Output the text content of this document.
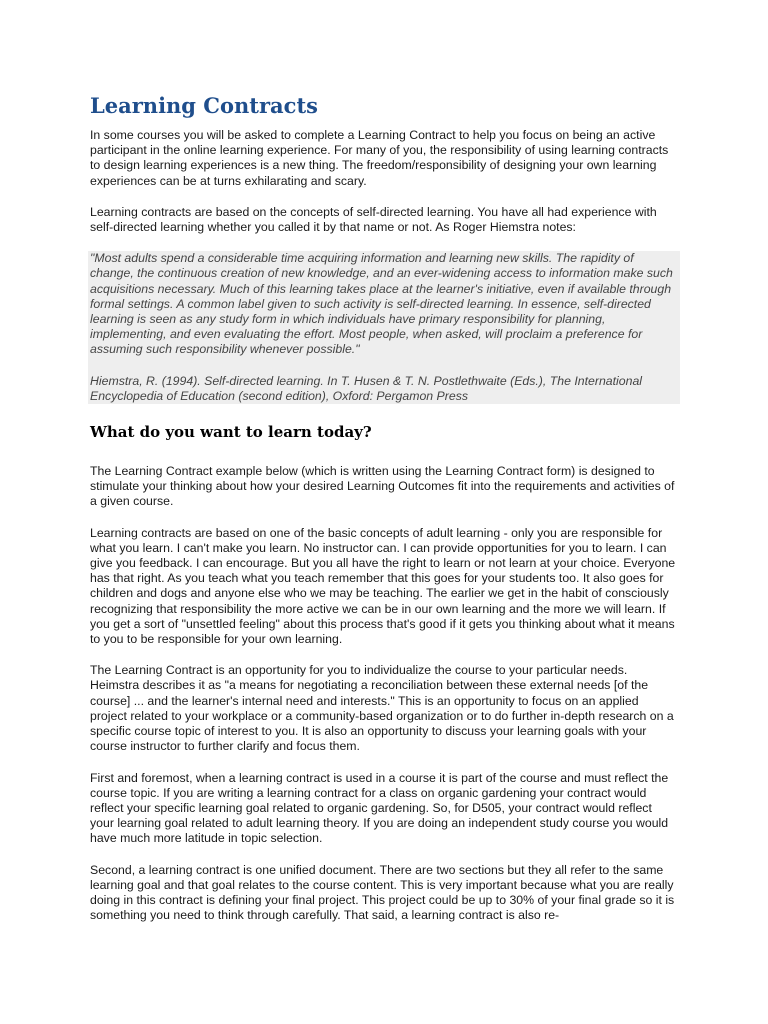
Learning Contracts

In some courses you will be asked to complete a Learning Contract to help you focus on being an active participant in the online learning experience. For many of you, the responsibility of using learning contracts to design learning experiences is a new thing. The freedom/responsibility of designing your own learning experiences can be at turns exhilarating and scary.

Learning contracts are based on the concepts of self-directed learning. You have all had experience with self-directed learning whether you called it by that name or not. As Roger Hiemstra notes:

"Most adults spend a considerable time acquiring information and learning new skills. The rapidity of change, the continuous creation of new knowledge, and an ever-widening access to information make such acquisitions necessary. Much of this learning takes place at the learner's initiative, even if available through formal settings. A common label given to such activity is self-directed learning. In essence, self-directed learning is seen as any study form in which individuals have primary responsibility for planning, implementing, and even evaluating the effort. Most people, when asked, will proclaim a preference for assuming such responsibility whenever possible."

Hiemstra, R. (1994). Self-directed learning. In T. Husen & T. N. Postlethwaite (Eds.), The International Encyclopedia of Education (second edition), Oxford: Pergamon Press

What do you want to learn today?

The Learning Contract example below (which is written using the Learning Contract form) is designed to stimulate your thinking about how your desired Learning Outcomes fit into the requirements and activities of a given course.

Learning contracts are based on one of the basic concepts of adult learning - only you are responsible for what you learn. I can't make you learn. No instructor can. I can provide opportunities for you to learn. I can give you feedback. I can encourage. But you all have the right to learn or not learn at your choice. Everyone has that right. As you teach what you teach remember that this goes for your students too. It also goes for children and dogs and anyone else who we may be teaching. The earlier we get in the habit of consciously recognizing that responsibility the more active we can be in our own learning and the more we will learn. If you get a sort of "unsettled feeling" about this process that's good if it gets you thinking about what it means to you to be responsible for your own learning.

The Learning Contract is an opportunity for you to individualize the course to your particular needs. Heimstra describes it as "a means for negotiating a reconciliation between these external needs [of the course] ... and the learner's internal need and interests." This is an opportunity to focus on an applied project related to your workplace or a community-based organization or to do further in-depth research on a specific course topic of interest to you. It is also an opportunity to discuss your learning goals with your course instructor to further clarify and focus them.

First and foremost, when a learning contract is used in a course it is part of the course and must reflect the course topic. If you are writing a learning contract for a class on organic gardening your contract would reflect your specific learning goal related to organic gardening. So, for D505, your contract would reflect your learning goal related to adult learning theory. If you are doing an independent study course you would have much more latitude in topic selection.

Second, a learning contract is one unified document. There are two sections but they all refer to the same learning goal and that goal relates to the course content. This is very important because what you are really doing in this contract is defining your final project. This project could be up to 30% of your final grade so it is something you need to think through carefully. That said, a learning contract is also re-
